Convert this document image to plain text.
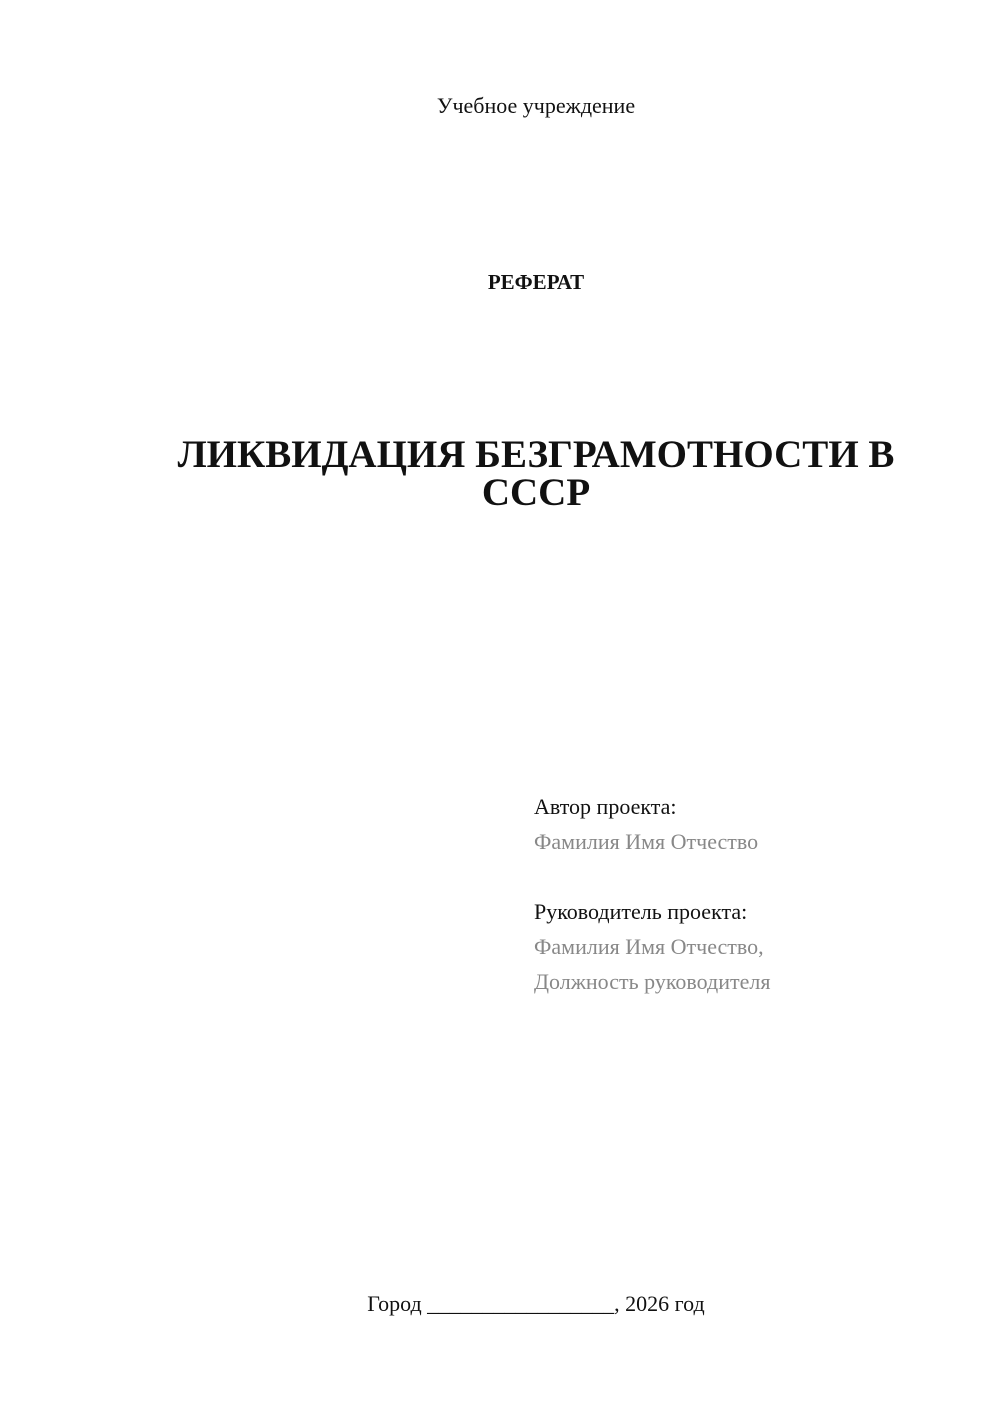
Учебное учреждение
РЕФЕРАТ
ЛИКВИДАЦИЯ БЕЗГРАМОТНОСТИ В
СССР
Автор проекта:
Фамилия Имя Отчество
Руководитель проекта:
Фамилия Имя Отчество,
Должность руководителя
Город _________________, 2026 год
